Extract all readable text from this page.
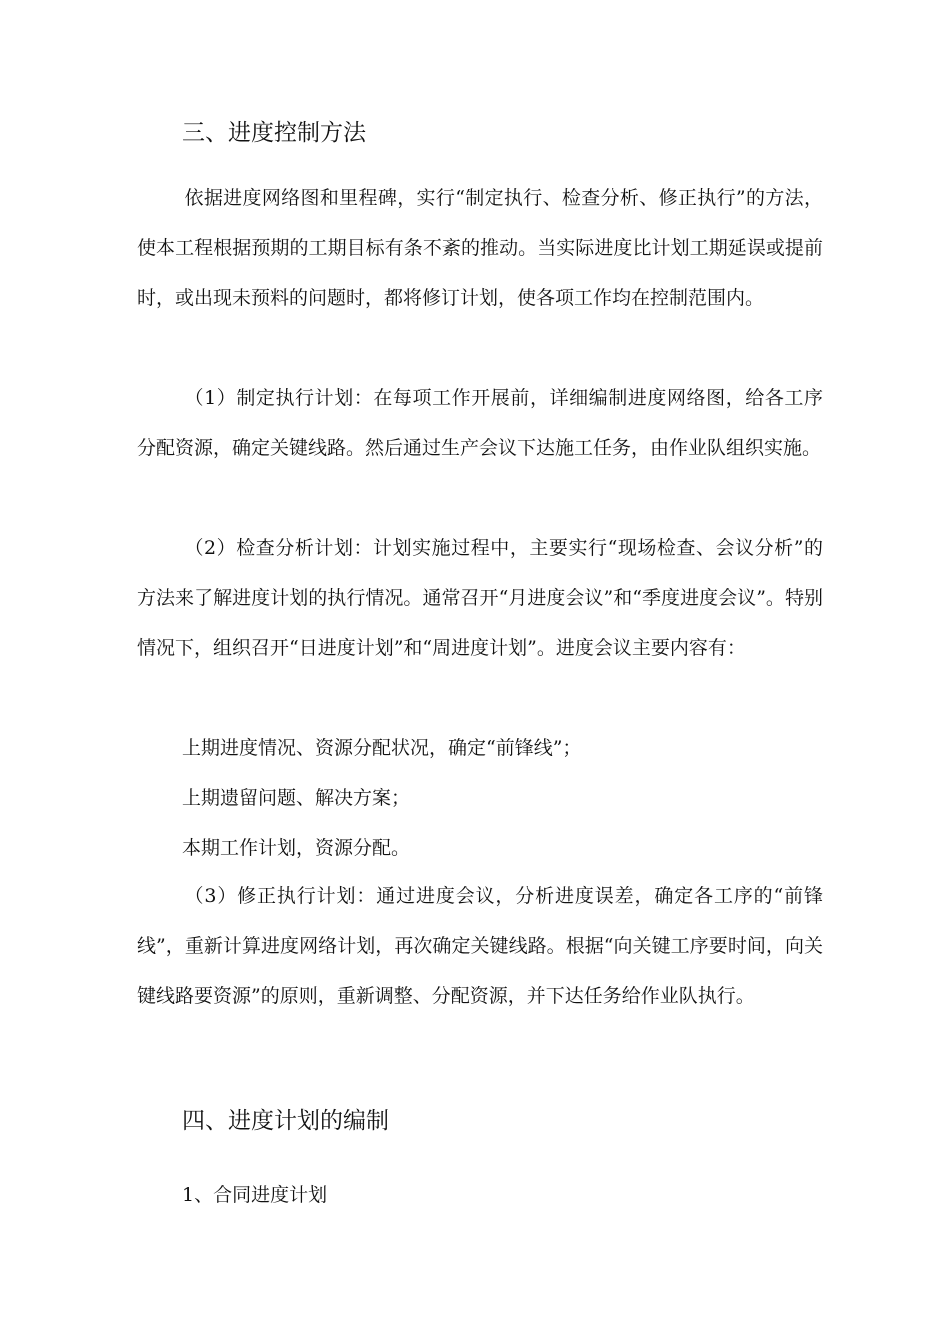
三、进度控制方法

依据进度网络图和里程碑，实行“制定执行、检查分析、修正执行”的方法，使本工程根据预期的工期目标有条不紊的推动。当实际进度比计划工期延误或提前时，或出现未预料的问题时，都将修订计划，使各项工作均在控制范围内。

（1）制定执行计划：在每项工作开展前，详细编制进度网络图，给各工序分配资源，确定关键线路。然后通过生产会议下达施工任务，由作业队组织实施。

（2）检查分析计划：计划实施过程中，主要实行“现场检查、会议分析”的方法来了解进度计划的执行情况。通常召开“月进度会议”和“季度进度会议”。特别情况下，组织召开“日进度计划”和“周进度计划”。进度会议主要内容有：

上期进度情况、资源分配状况，确定“前锋线”；
上期遗留问题、解决方案；
本期工作计划，资源分配。

（3）修正执行计划：通过进度会议，分析进度误差，确定各工序的“前锋线”，重新计算进度网络计划，再次确定关键线路。根据“向关键工序要时间，向关键线路要资源”的原则，重新调整、分配资源，并下达任务给作业队执行。

四、进度计划的编制
1、合同进度计划
